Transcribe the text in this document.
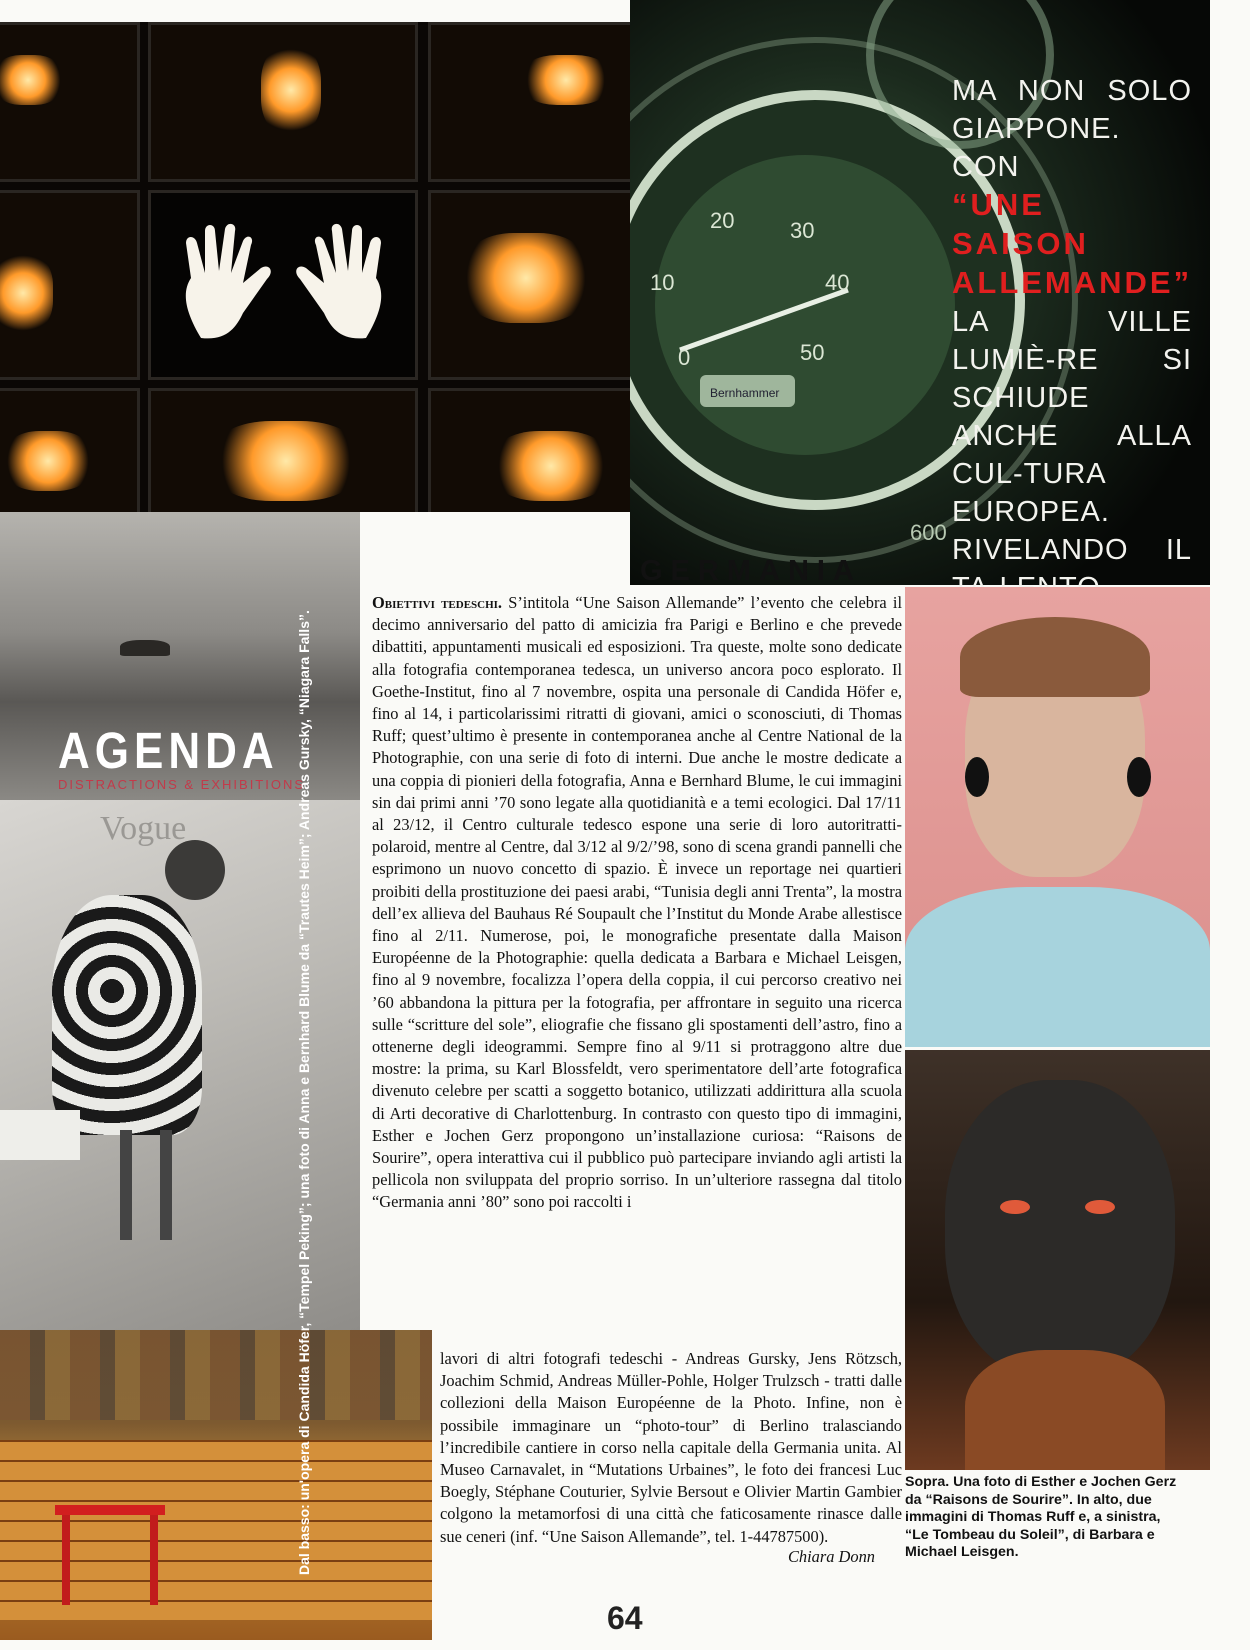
10
20	30
40
50
0
Bernhammer
600
MA NON SOLO GIAPPONE. CON
“UNE SAISON ALLEMANDE”
LA VILLE LUMIÈ-RE SI SCHIUDE ANCHE ALLA CUL-TURA EUROPEA. RIVELANDO IL
AGENDA
DISTRACTIONS & EXHIBITIONS
Vogue	Dal basso: un'opera di Candida Höfer, “Tempel Peking”; una foto di Anna e Bernhard Blume da “Trautes Heim”; Andreas Gursky, “Niagara Falls”.
GERMANIA

Obiettivi tedeschi. S’intitola “Une Saison Allemande” l’evento che celebra il decimo anniversario del patto di amicizia fra Parigi e Berlino e che prevede dibattiti, appuntamenti musicali ed esposizioni. Tra queste, molte sono dedicate alla fotografia contemporanea tedesca, un universo ancora poco esplorato. Il Goethe-Institut, fino al 7 novembre, ospita una personale di Candida Höfer e, fino al 14, i particolarissimi ritratti di giovani, amici o sconosciuti, di Thomas Ruff; quest’ultimo è presente in contemporanea anche al Centre National de la Photographie, con una serie di foto di interni. Due anche le mostre dedicate a una coppia di pionieri della fotografia, Anna e Bernhard Blume, le cui immagini sin dai primi anni ’70 sono legate alla quotidianità e a temi ecologici. Dal 17/11 al 23/12, il Centro culturale tedesco espone una serie di loro autoritratti-polaroid, mentre al Centre, dal 3/12 al 9/2/’98, sono di scena grandi pannelli che esprimono un nuovo concetto di spazio. È invece un reportage nei quartieri proibiti della prostituzione dei paesi arabi, “Tunisia degli anni Trenta”, la mostra dell’ex allieva del Bauhaus Ré Soupault che l’Institut du Monde Arabe allestisce fino al 2/11. Numerose, poi, le monografiche presentate dalla Maison Européenne de la Photographie: quella dedicata a Barbara e Michael Leisgen, fino al 9 novembre, focalizza l’opera della coppia, il cui percorso creativo nei ’60 abbandona la pittura per la fotografia, per affrontare in seguito una ricerca sulle “scritture del sole”, eliografie che fissano gli spostamenti dell’astro, fino a ottenerne degli ideogrammi. Sempre fino al 9/11 si protraggono altre due mostre: la prima, su Karl Blossfeldt, vero sperimentatore dell’arte fotografica divenuto celebre per scatti a soggetto botanico, utilizzati addirittura alla scuola di Arti decorative di Charlottenburg. In contrasto con questo tipo di immagini, Esther e Jochen Gerz propongono un’installazione curiosa: “Raisons de Sourire”, opera interattiva cui il pubblico può partecipare inviando agli artisti la pellicola non sviluppata del proprio sorriso. In un’ulteriore rassegna dal titolo “Germania anni ’80” sono poi raccolti i

lavori di altri fotografi tedeschi - Andreas Gursky, Jens Rötzsch, Joachim Schmid, Andreas Müller-Pohle, Holger Trulzsch - tratti dalle collezioni della Maison Européenne de la Photo. Infine, non è possibile immaginare un “photo-tour” di Berlino tralasciando l’incredibile cantiere in corso nella capitale della Germania unita. Al Museo Carnavalet, in “Mutations Urbaines”, le foto dei francesi Luc Boegly, Stéphane Couturier, Sylvie Bersout e Olivier Martin Gambier colgono la metamorfosi di una città che faticosamente rinasce dalle sue ceneri (inf. “Une Saison Allemande”, tel. 1-44787500).

Chiara Donn
Sopra. Una foto di Esther e Jochen Gerz da “Raisons de Sourire”. In alto, due immagini di Thomas Ruff e, a sinistra, “Le Tombeau du Soleil”, di Barbara e Michael Leisgen.
64
